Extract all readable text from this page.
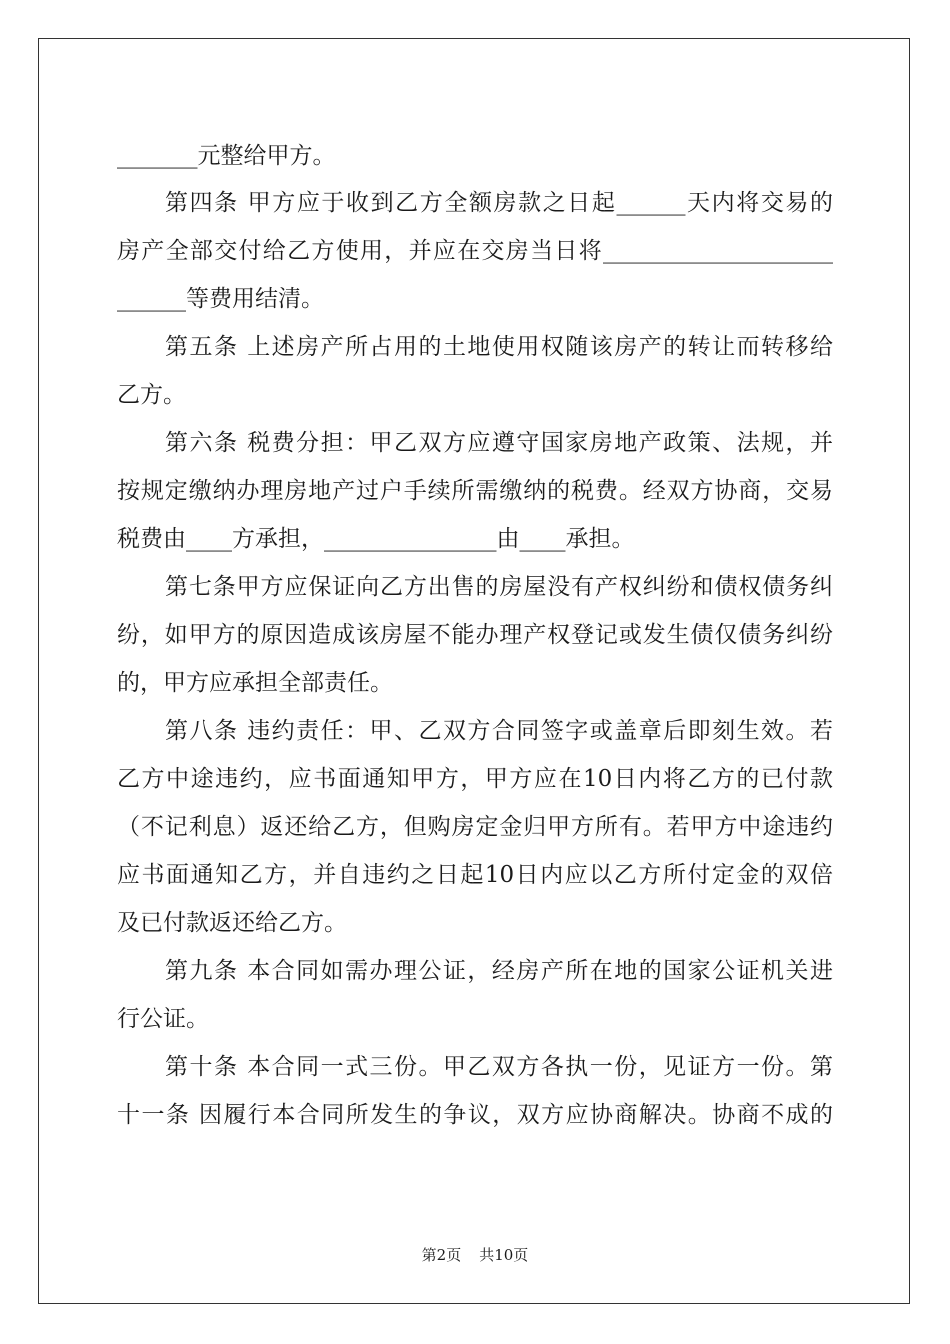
_______元整给甲方。
第四条 甲方应于收到乙方全额房款之日起______天内将交易的
房产全部交付给乙方使用，并应在交房当日将____________________
______等费用结清。
第五条 上述房产所占用的土地使用权随该房产的转让而转移给
乙方。
第六条 税费分担：甲乙双方应遵守国家房地产政策、法规，并
按规定缴纳办理房地产过户手续所需缴纳的税费。经双方协商，交易
税费由____方承担，_______________由____承担。
第七条甲方应保证向乙方出售的房屋没有产权纠纷和债权债务纠
纷，如甲方的原因造成该房屋不能办理产权登记或发生债仅债务纠纷
的，甲方应承担全部责任。
第八条 违约责任：甲、乙双方合同签字或盖章后即刻生效。若
乙方中途违约，应书面通知甲方，甲方应在10日内将乙方的已付款
（不记利息）返还给乙方，但购房定金归甲方所有。若甲方中途违约
应书面通知乙方，并自违约之日起10日内应以乙方所付定金的双倍
及已付款返还给乙方。
第九条 本合同如需办理公证，经房产所在地的国家公证机关进
行公证。
第十条 本合同一式三份。甲乙双方各执一份，见证方一份。第
十一条 因履行本合同所发生的争议，双方应协商解决。协商不成的
第2页 共10页
